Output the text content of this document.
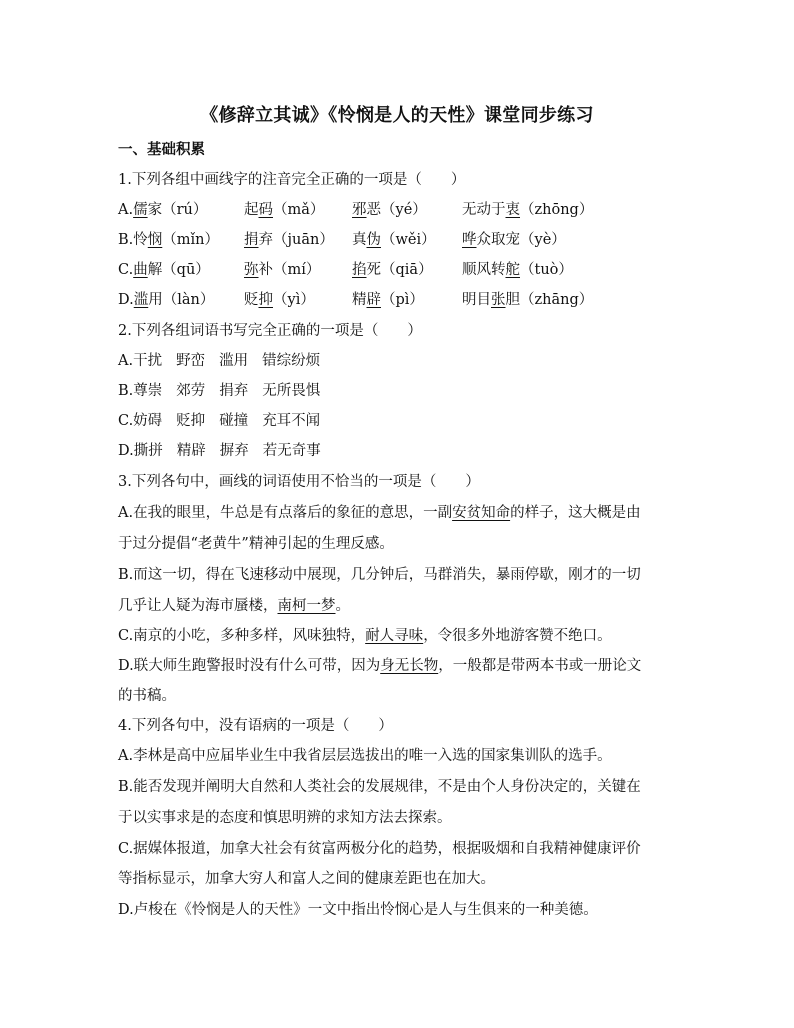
《修辞立其诚》《怜悯是人的天性》课堂同步练习
一、基础积累
1.下列各组中画线字的注音完全正确的一项是（　　）
A.儒家（rú）	起码（mǎ） 邪恶（yé） 无动于衷（zhōng）
B.怜悯（mǐn） 捐弃（juān） 真伪（wěi） 哗众取宠（yè）
C.曲解（qū） 弥补（mí） 掐死（qiā） 顺风转舵（tuò）
D.滥用（làn） 贬抑（yì）	精辟（pì）	明目张胆（zhāng）
2.下列各组词语书写完全正确的一项是（　　）
A.干扰 野峦 滥用 错综纷烦
B.尊崇 郊劳 捐弃 无所畏惧
C.妨碍 贬抑 碰撞 充耳不闻
D.撕拼 精辟 摒弃 若无奇事
3.下列各句中，画线的词语使用不恰当的一项是（　　）
A.在我的眼里，牛总是有点落后的象征的意思，一副安贫知命的样子，这大概是由
于过分提倡“老黄牛”精神引起的生理反感。
B.而这一切，得在飞速移动中展现，几分钟后，马群消失，暴雨停歇，刚才的一切
几乎让人疑为海市蜃楼，南柯一梦。
C.南京的小吃，多种多样，风味独特，耐人寻味，令很多外地游客赞不绝口。
D.联大师生跑警报时没有什么可带，因为身无长物，一般都是带两本书或一册论文
的书稿。
4.下列各句中，没有语病的一项是（　　）
A.李林是高中应届毕业生中我省层层选拔出的唯一入选的国家集训队的选手。
B.能否发现并阐明大自然和人类社会的发展规律，不是由个人身份决定的，关键在
于以实事求是的态度和慎思明辨的求知方法去探索。
C.据媒体报道，加拿大社会有贫富两极分化的趋势，根据吸烟和自我精神健康评价
等指标显示，加拿大穷人和富人之间的健康差距也在加大。
D.卢梭在《怜悯是人的天性》一文中指出怜悯心是人与生俱来的一种美德。
